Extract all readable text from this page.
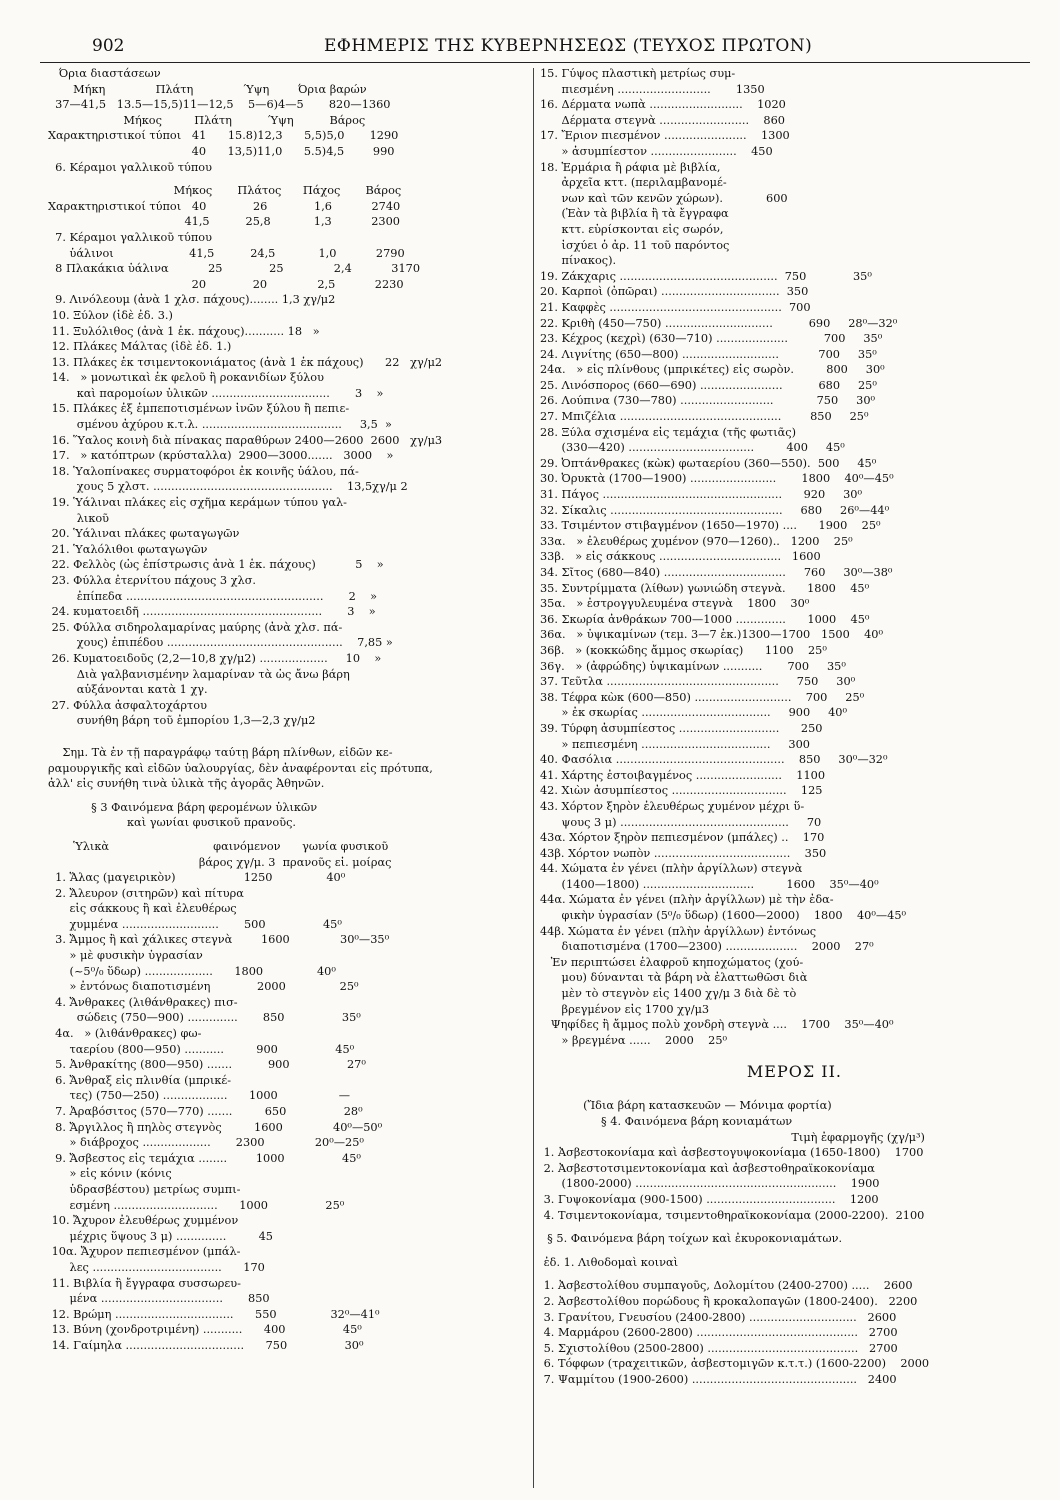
902	ΕΦΗΜΕΡΙΣ ΤΗΣ ΚΥΒΕΡΝΗΣΕΩΣ (ΤΕΥΧΟΣ ΠΡΩΤΟΝ)
Όρια διαστάσεων
Μήκη              Πλάτη              Ύψη        Όρια βαρών
37—41,5   13.5—15,5)11—12,5    5—6)4—5       820—1360
Μήκος         Πλάτη          Ύψη          Βάρος
Χαρακτηριστικοί τύποι   41      15.8)12,3      5,5)5,0       1290
40      13,5)11,0      5.5)4,5        990
6. Κέραμοι γαλλικοῦ τύπου
Μήκος       Πλάτος      Πάχος       Βάρος
Χαρακτηριστικοί τύποι   40             26             1,6           2740
41,5          25,8            1,3           2300
7. Κέραμοι γαλλικοῦ τύπου
ὑάλινοι                     41,5          24,5            1,0           2790
8 Πλακάκια ὑάλινα           25             25              2,4           3170
20             20              2,5           2230
9. Λινόλεουμ (ἀνὰ 1 χλσ. πάχους)........ 1,3 χγ/μ2
10. Ξύλον (ἰδὲ ἐδ. 3.)
11. Ξυλόλιθος (ἀνὰ 1 ἑκ. πάχους)........... 18   »
12. Πλάκες Μάλτας (ἰδὲ ἐδ. 1.)
13. Πλάκες ἐκ τσιμεντοκονιάματος (ἀνὰ 1 ἑκ πάχους)      22   χγ/μ2
14.   » μονωτικαὶ ἐκ φελοῦ ἢ ροκανιδίων ξύλου
καὶ παρομοίων ὑλικῶν .................................       3    »
15. Πλάκες ἐξ ἐμπεποτισμένων ἰνῶν ξύλου ἢ πεπιε-
σμένου ἀχύρου κ.τ.λ. .......................................     3,5  »
16. Ὕαλος κοινὴ διὰ πίνακας παραθύρων 2400—2600  2600   χγ/μ3
17.   » κατόπτρων (κρύσταλλα)  2900—3000.......   3000    »
18. Ὑαλοπίνακες συρματοφόροι ἐκ κοινῆς ὑάλου, πά-
χους 5 χλστ. ..................................................    13,5χγ/μ 2
19. Ὑάλιναι πλάκες εἰς σχῆμα κεράμων τύπου γαλ-
λικοῦ
20. Ὑάλιναι πλάκες φωταγωγῶν
21. Ὑαλόλιθοι φωταγωγῶν
22. Φελλὸς (ὡς ἐπίστρωσις ἀνὰ 1 ἑκ. πάχους)           5    »
23. Φύλλα ἐτερνίτου πάχους 3 χλσ.
ἐπίπεδα .......................................................       2    »
24. κυματοειδῆ ..................................................       3    »
25. Φύλλα σιδηρολαμαρίνας μαύρης (ἀνὰ χλσ. πά-
χους) ἐπιπέδου .................................................    7,85 »
26. Κυματοειδοῦς (2,2—10,8 χγ/μ2) ...................     10    »
Διὰ γαλβανισμένην λαμαρίναν τὰ ὡς ἄνω βάρη
αὐξάνονται κατὰ 1 χγ.
27. Φύλλα ἀσφαλτοχάρτου
συνήθη βάρη τοῦ ἐμπορίου 1,3—2,3 χγ/μ2
Σημ. Τὰ ἐν τῇ παραγράφῳ ταύτῃ βάρη πλίνθων, εἰδῶν κε-
ραμουργικῆς καὶ εἰδῶν ὑαλουργίας, δὲν ἀναφέρονται εἰς πρότυπα,
ἀλλ' εἰς συνήθη τινὰ ὑλικὰ τῆς ἀγορᾶς Ἀθηνῶν.
§ 3 Φαινόμενα βάρη φερομένων ὑλικῶν
καὶ γωνίαι φυσικοῦ πρανοῦς.
Ὑλικὰ                             φαινόμενον      γωνία φυσικοῦ
βάρος χγ/μ. 3  πρανοῦς εἰ. μοίρας
1. Ἅλας (μαγειρικὸν)                   1250               40⁰
2. Ἄλευρον (σιτηρῶν) καὶ πίτυρα
εἰς σάκκους ἢ καὶ ἐλευθέρως
χυμμένα ...........................       500                45⁰
3. Ἄμμος ἢ καὶ χάλικες στεγνὰ        1600              30⁰—35⁰
» μὲ φυσικὴν ὑγρασίαν
(~5⁰/₀ ὕδωρ) ...................      1800               40⁰
» ἐντόνως διαποτισμένη             2000               25⁰
4. Ἄνθρακες (λιθάνθρακες) πισ-
σώδεις (750—900) ..............       850                35⁰
4α.   » (λιθάνθρακες) φω-
ταερίου (800—950) ...........         900                45⁰
5. Ἀνθρακίτης (800—950) .......          900                27⁰
6. Ἄνθραξ εἰς πλινθία (μπρικέ-
τες) (750—250) ..................      1000                 —
7. Ἀραβόσιτος (570—770) .......         650                28⁰
8. Ἄργιλλος ἢ πηλὸς στεγνὸς         1600              40⁰—50⁰
» διάβροχος ...................       2300              20⁰—25⁰
9. Ἄσβεστος εἰς τεμάχια ........        1000                45⁰
» εἰς κόνιν (κόνις
ὑδρασβέστου) μετρίως συμπι-
εσμένη .............................      1000                25⁰
10. Ἄχυρον ἐλευθέρως χυμμένον
μέχρις ὕψους 3 μ) ..............         45
10α. Ἄχυρον πεπιεσμένον (μπάλ-
λες ....................................      170
11. Βιβλία ἢ ἔγγραφα συσσωρευ-
μένα ..................................       850
12. Βρώμη .................................      550               32⁰—41⁰
13. Βύνη (χονδροτριμένη) ...........      400                45⁰
14. Γαίμηλα .................................      750                30⁰
15. Γύψος πλαστικὴ μετρίως συμ-
πιεσμένη ..........................       1350
16. Δέρματα νωπὰ ..........................    1020
Δέρματα στεγνὰ .........................    860
17. Ἔριον πιεσμένον .......................    1300
» ἀσυμπίεστον ........................    450
18. Ἑρμάρια ἢ ράφια μὲ βιβλία,
ἀρχεῖα κττ. (περιλαμβανομέ-
νων καὶ τῶν κενῶν χώρων).            600
(Ἐὰν τὰ βιβλία ἢ τὰ ἔγγραφα
κττ. εὑρίσκονται εἰς σωρόν,
ἰσχύει ὁ ἀρ. 11 τοῦ παρόντος
πίνακος).
19. Ζάκχαρις ............................................  750             35⁰
20. Καρποὶ (ὀπῶραι) .................................  350
21. Καφφὲς ................................................  700
22. Κριθὴ (450—750) ..............................          690     28⁰—32⁰
23. Κέχρος (κεχρὶ) (630—710) ....................          700     35⁰
24. Λιγνίτης (650—800) ...........................           700     35⁰
24α.   » εἰς πλίνθους (μπρικέτες) εἰς σωρὸν.         800     30⁰
25. Λινόσπορος (660—690) .......................          680     25⁰
26. Λούπινα (730—780) ..........................            750     30⁰
27. Μπιζέλια .............................................        850     25⁰
28. Ξύλα σχισμένα εἰς τεμάχια (τῆς φωτιᾶς)
(330—420) ...................................         400     45⁰
29. Ὀπτάνθρακες (κὼκ) φωταερίου (360—550).  500     45⁰
30. Ὀρυκτὰ (1700—1900) ........................       1800    40⁰—45⁰
31. Πάγος ..................................................      920     30⁰
32. Σίκαλις ................................................     680     26⁰—44⁰
33. Τσιμέντον στιβαγμένον (1650—1970) ....      1900    25⁰
33α.   » ἐλευθέρως χυμένον (970—1260)..   1200    25⁰
33β.   » εἰς σάκκους ..................................   1600
34. Σῖτος (680—840) ..................................     760     30⁰—38⁰
35. Συντρίμματα (λίθων) γωνιώδη στεγνὰ.      1800    45⁰
35α.   » ἐστρογγυλευμένα στεγνὰ    1800    30⁰
36. Σκωρία ἀνθράκων 700—1000 ..............      1000    45⁰
36α.   » ὑψικαμίνων (τεμ. 3—7 ἑκ.)1300—1700   1500    40⁰
36β.   » (κοκκώδης ἄμμος σκωρίας)      1100    25⁰
36γ.   » (ἀφρώδης) ὑψικαμίνων ...........       700     35⁰
37. Τεῦτλα ................................................     750     30⁰
38. Τέφρα κὼκ (600—850) ...........................    700     25⁰
» ἐκ σκωρίας ....................................     900     40⁰
39. Τύρφη ἀσυμπίεστος ............................      250
» πεπιεσμένη ....................................     300
40. Φασόλια ...............................................    850     30⁰—32⁰
41. Χάρτης ἐστοιβαγμένος ........................    1100
42. Χιὼν ἀσυμπίεστος ................................    125
43. Χόρτον ξηρὸν ἐλευθέρως χυμένον μέχρι ὕ-
ψους 3 μ) ...............................................     70
43α. Χόρτον ξηρὸν πεπιεσμένον (μπάλες) ..    170
43β. Χόρτον νωπὸν ......................................    350
44. Χώματα ἐν γένει (πλὴν ἀργίλλων) στεγνὰ
(1400—1800) ...............................         1600    35⁰—40⁰
44α. Χώματα ἐν γένει (πλὴν ἀργίλλων) μὲ τὴν ἐδα-
φικὴν ὑγρασίαν (5⁰/₀ ὕδωρ) (1600—2000)    1800    40⁰—45⁰
44β. Χώματα ἐν γένει (πλὴν ἀργίλλων) ἐντόνως
διαποτισμένα (1700—2300) ....................    2000    27⁰
Ἐν περιπτώσει ἐλαφροῦ κηποχώματος (χού-
μου) δύνανται τὰ βάρη νὰ ἐλαττωθῶσι διὰ
μὲν τὸ στεγνὸν εἰς 1400 χγ/μ 3 διὰ δὲ τὸ
βρεγμένον εἰς 1700 χγ/μ3
Ψηφίδες ἢ ἄμμος πολὺ χονδρὴ στεγνὰ ....    1700    35⁰—40⁰
» βρεγμένα ......    2000    25⁰
ΜΕΡΟΣ ΙΙ.
(Ἴδια βάρη κατασκευῶν — Μόνιμα φορτία)
§ 4. Φαινόμενα βάρη κονιαμάτων
Τιμὴ ἐφαρμογῆς (χγ/μ³)
1. Ἀσβεστοκονίαμα καὶ ἀσβεστογυψοκονίαμα (1650-1800)    1700
2. Ἀσβεστοτσιμεντοκονίαμα καὶ ἀσβεστοθηραϊκοκονίαμα
(1800-2000) ........................................................    1900
3. Γυψοκονίαμα (900-1500) ....................................    1200
4. Τσιμεντοκονίαμα, τσιμεντοθηραϊκοκονίαμα (2000-2200).  2100
§ 5. Φαινόμενα βάρη τοίχων καὶ ἐκυροκονιαμάτων.
ἐδ. 1. Λιθοδομαὶ κοιναὶ
1. Ἀσβεστολίθου συμπαγοῦς, Δολομίτου (2400-2700) .....    2600
2. Ἀσβεστολίθου πορώδους ἢ κροκαλοπαγῶν (1800-2400).   2200
3. Γρανίτου, Γνευσίου (2400-2800) ..............................   2600
4. Μαρμάρου (2600-2800) .............................................   2700
5. Σχιστολίθου (2500-2800) ..........................................   2700
6. Τόφφων (τραχειτικῶν, ἀσβεστομιγῶν κ.τ.τ.) (1600-2200)    2000
7. Ψαμμίτου (1900-2600) ..............................................   2400
